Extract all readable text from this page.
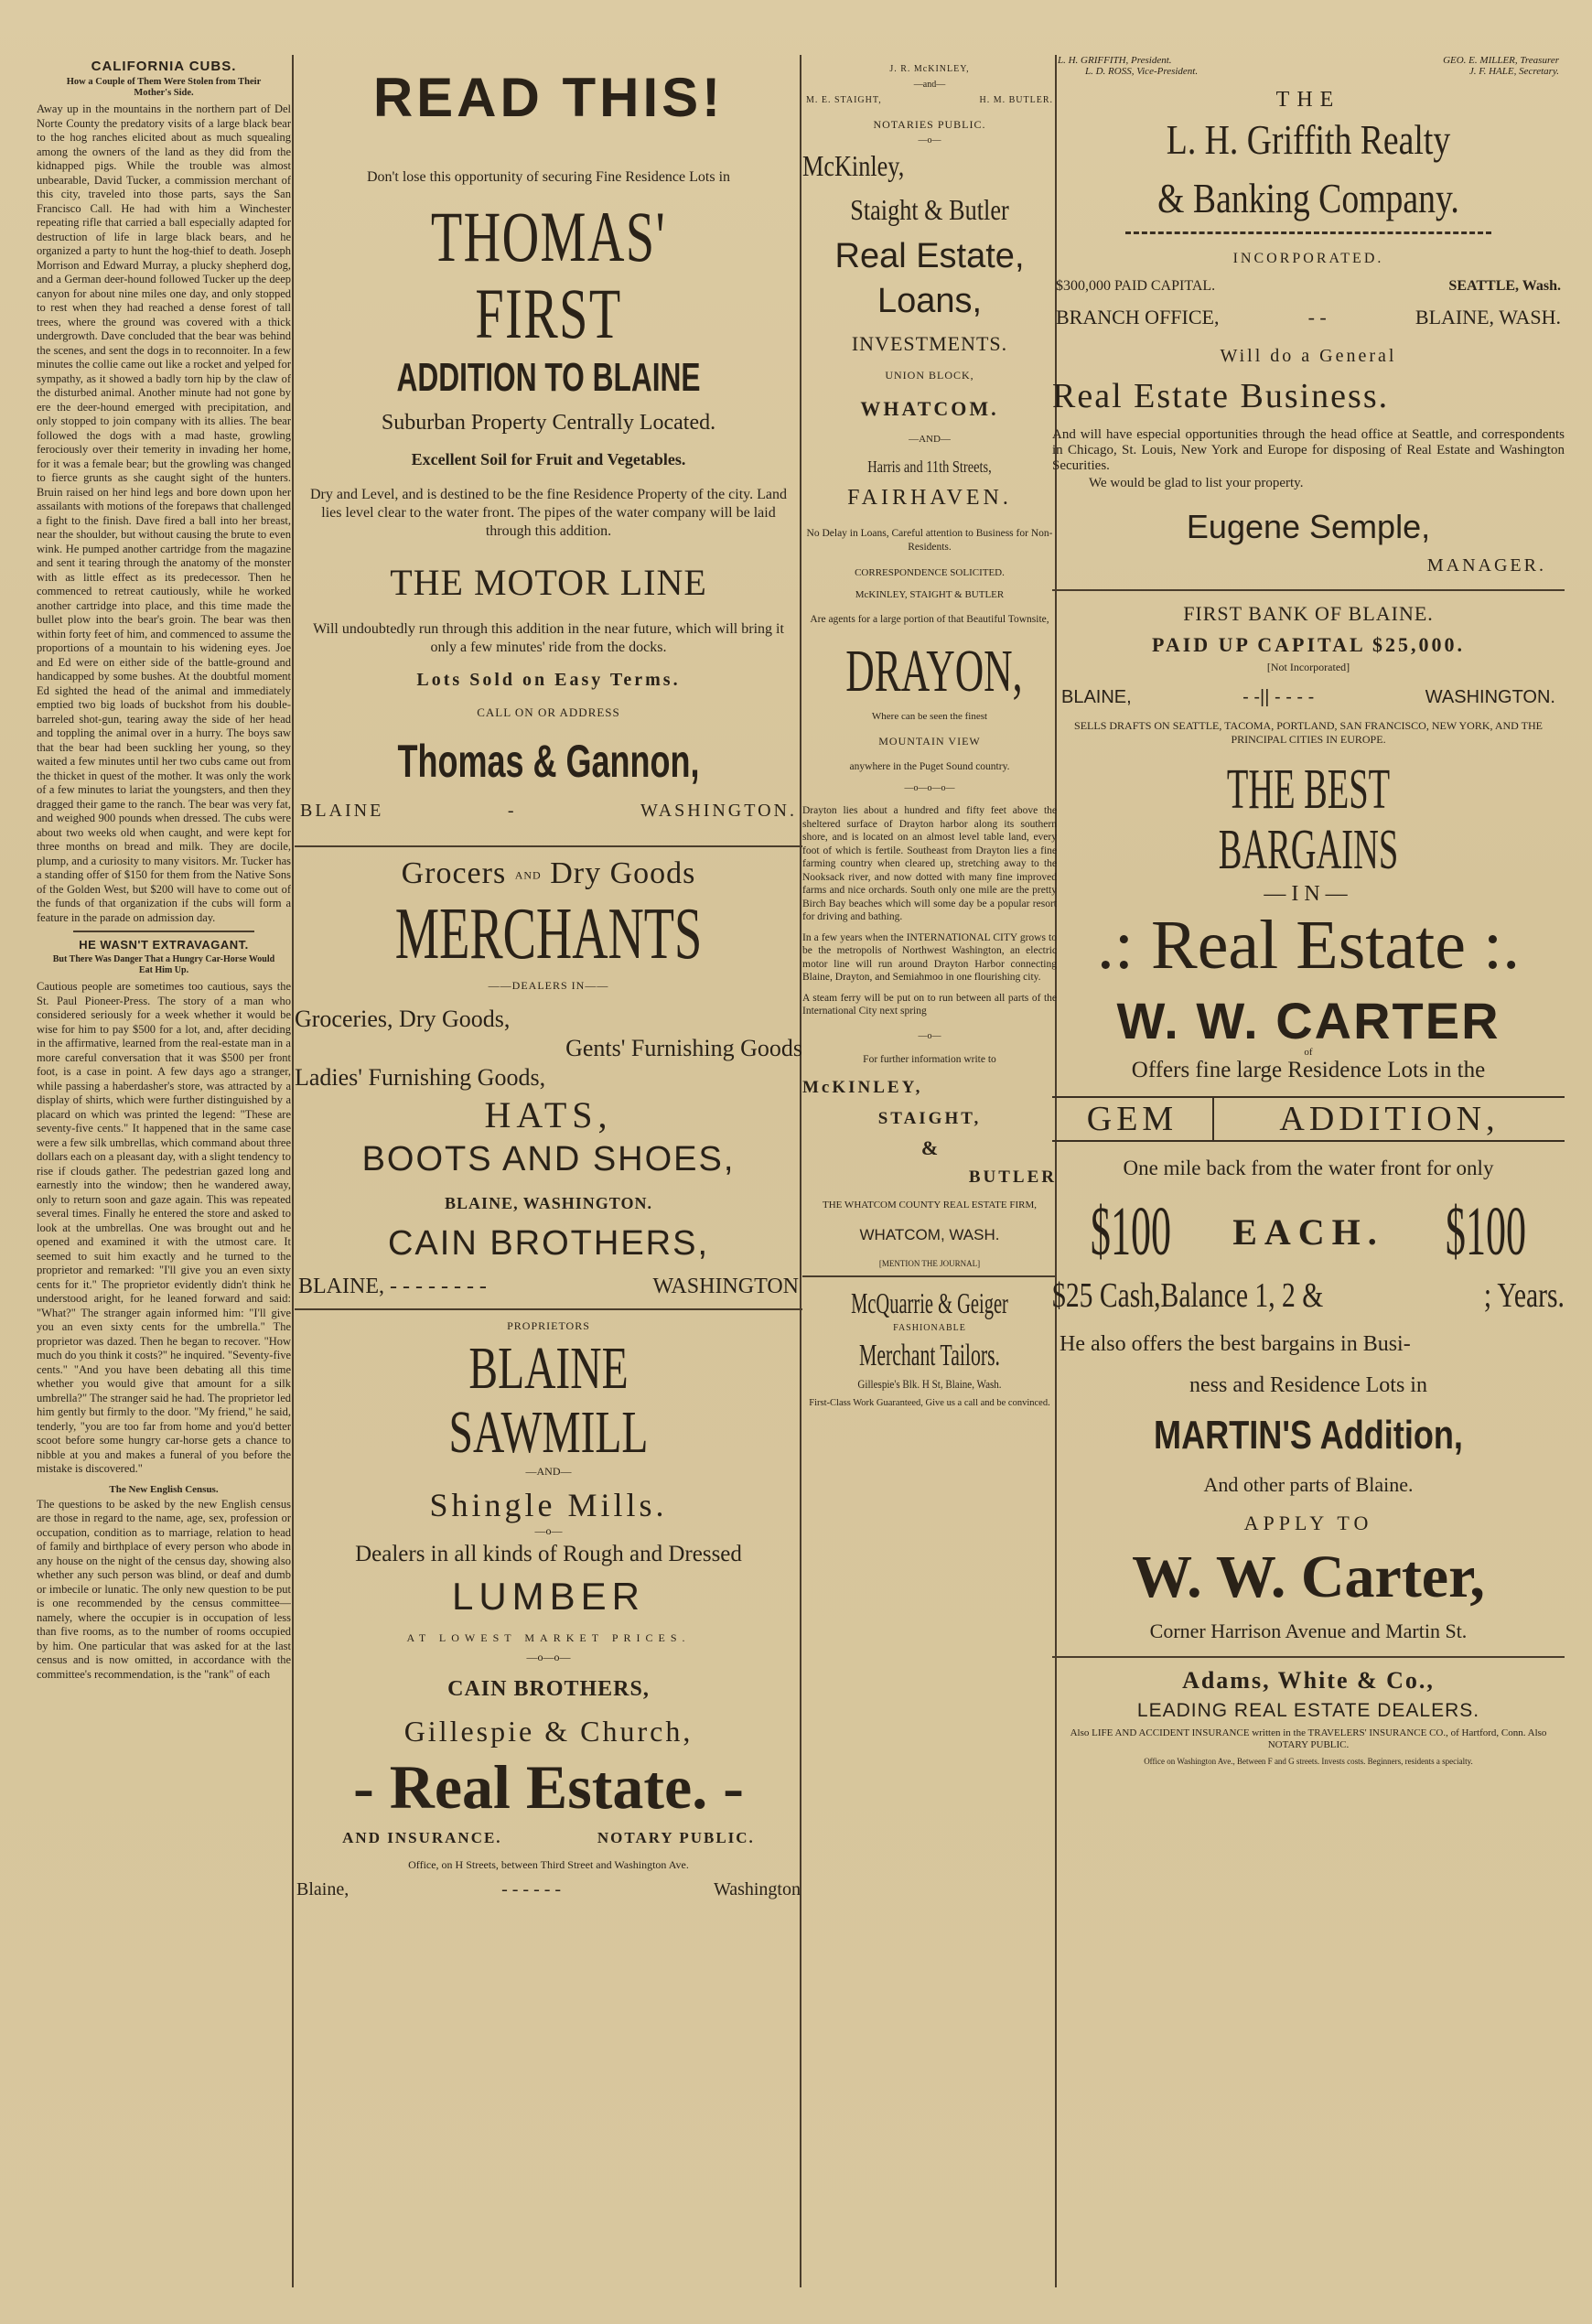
CALIFORNIA CUBS.
How a Couple of Them Were Stolen from Their Mother's Side.

Away up in the mountains in the northern part of Del Norte County the predatory visits of a large black bear to the hog ranches elicited about as much squealing among the owners of the land as they did from the kidnapped pigs. While the trouble was almost unbearable, David Tucker, a commission merchant of this city, traveled into those parts, says the San Francisco Call. He had with him a Winchester repeating rifle that carried a ball especially adapted for destruction of life in large black bears, and he organized a party to hunt the hog-thief to death. Joseph Morrison and Edward Murray, a plucky shepherd dog, and a German deer-hound followed Tucker up the deep canyon for about nine miles one day, and only stopped to rest when they had reached a dense forest of tall trees, where the ground was covered with a thick undergrowth. Dave concluded that the bear was behind the scenes, and sent the dogs in to reconnoiter. In a few minutes the collie came out like a rocket and yelped for sympathy, as it showed a badly torn hip by the claw of the disturbed animal. Another minute had not gone by ere the deer-hound emerged with precipitation, and only stopped to join company with its allies. The bear followed the dogs with a mad haste, growling ferociously over their temerity in invading her home, for it was a female bear; but the growling was changed to fierce grunts as she caught sight of the hunters. Bruin raised on her hind legs and bore down upon her assailants with motions of the forepaws that challenged a fight to the finish. Dave fired a ball into her breast, near the shoulder, but without causing the brute to even wink. He pumped another cartridge from the magazine and sent it tearing through the anatomy of the monster with as little effect as its predecessor. Then he commenced to retreat cautiously, while he worked another cartridge into place, and this time made the bullet plow into the bear's groin. The bear was then within forty feet of him, and commenced to assume the proportions of a mountain to his widening eyes. Joe and Ed were on either side of the battle-ground and handicapped by some bushes. At the doubtful moment Ed sighted the head of the animal and immediately emptied two big loads of buckshot from his double-barreled shot-gun, tearing away the side of her head and toppling the animal over in a hurry. The boys saw that the bear had been suckling her young, so they waited a few minutes until her two cubs came out from the thicket in quest of the mother. It was only the work of a few minutes to lariat the youngsters, and then they dragged their game to the ranch. The bear was very fat, and weighed 900 pounds when dressed. The cubs were about two weeks old when caught, and were kept for three months on bread and milk. They are docile, plump, and a curiosity to many visitors. Mr. Tucker has a standing offer of $150 for them from the Native Sons of the Golden West, but $200 will have to come out of the funds of that organization if the cubs will form a feature in the parade on admission day.

HE WASN'T EXTRAVAGANT.
But There Was Danger That a Hungry Car-Horse Would Eat Him Up.

Cautious people are sometimes too cautious, says the St. Paul Pioneer-Press. The story of a man who considered seriously for a week whether it would be wise for him to pay $500 for a lot, and, after deciding in the affirmative, learned from the real-estate man in a more careful conversation that it was $500 per front foot, is a case in point. A few days ago a stranger, while passing a haberdasher's store, was attracted by a display of shirts, which were further distinguished by a placard on which was printed the legend: "These are seventy-five cents." It happened that in the same case were a few silk umbrellas, which command about three dollars each on a pleasant day, with a slight tendency to rise if clouds gather. The pedestrian gazed long and earnestly into the window; then he wandered away, only to return soon and gaze again. This was repeated several times. Finally he entered the store and asked to look at the umbrellas. One was brought out and he opened and examined it with the utmost care. It seemed to suit him exactly and he turned to the proprietor and remarked: "I'll give you an even sixty cents for it." The proprietor evidently didn't think he understood aright, for he leaned forward and said: "What?" The stranger again informed him: "I'll give you an even sixty cents for the umbrella." The proprietor was dazed. Then he began to recover. "How much do you think it costs?" he inquired. "Seventy-five cents." "And you have been debating all this time whether you would give that amount for a silk umbrella?" The stranger said he had. The proprietor led him gently but firmly to the door. "My friend," he said, tenderly, "you are too far from home and you'd better scoot before some hungry car-horse gets a chance to nibble at you and makes a funeral of you before the mistake is discovered."

The New English Census.

The questions to be asked by the new English census are those in regard to the name, age, sex, profession or occupation, condition as to marriage, relation to head of family and birthplace of every person who abode in any house on the night of the census day, showing also whether any such person was blind, or deaf and dumb or imbecile or lunatic. The only new question to be put is one recommended by the census committee—namely, where the occupier is in occupation of less than five rooms, as to the number of rooms occupied by him. One particular that was asked for at the last census and is now omitted, in accordance with the committee's recommendation, is the "rank" of each

READ THIS!
Don't lose this opportunity of securing Fine Residence Lots in
THOMAS' FIRST
ADDITION TO BLAINE
Suburban Property Centrally Located.
Excellent Soil for Fruit and Vegetables.
Dry and Level, and is destined to be the fine Residence Property of the city. Land lies level clear to the water front. The pipes of the water company will be laid through this addition.
THE MOTOR LINE
Will undoubtedly run through this addition in the near future, which will bring it only a few minutes' ride from the docks.
Lots Sold on Easy Terms.
CALL ON OR ADDRESS
Thomas & Gannon,
BLAINE	-	WASHINGTON.
Grocers AND Dry Goods
MERCHANTS
——DEALERS IN——
Groceries, Dry Goods,
Gents' Furnishing Goods
Ladies' Furnishing Goods,
HATS,
BOOTS AND SHOES,
BLAINE, WASHINGTON.
CAIN BROTHERS,
BLAINE, - - - - - - - -	WASHINGTON
PROPRIETORS
BLAINE SAWMILL
—AND—
Shingle Mills.
—o—
Dealers in all kinds of Rough and Dressed
LUMBER
AT LOWEST MARKET PRICES.
—o—o—
CAIN BROTHERS,
Gillespie & Church,
- Real Estate. -
AND INSURANCE.	NOTARY PUBLIC.
Office, on H Streets, between Third Street and Washington Ave.
Blaine,	- - - - - -	Washington
J. R. McKINLEY,
—and—
M. E. STAIGHT,	H. M. BUTLER.
NOTARIES PUBLIC.
—o—
McKinley,
Staight & Butler
Real Estate,
Loans,
INVESTMENTS.
UNION BLOCK,
WHATCOM.
—AND—
Harris and 11th Streets,
FAIRHAVEN.
No Delay in Loans, Careful attention to Business for Non-Residents.
CORRESPONDENCE SOLICITED.
McKINLEY, STAIGHT & BUTLER
Are agents for a large portion of that Beautiful Townsite,
DRAYON,
Where can be seen the finest
MOUNTAIN VIEW
anywhere in the Puget Sound country.
—o—o—o—

Drayton lies about a hundred and fifty feet above the sheltered surface of Drayton harbor along its southern shore, and is located on an almost level table land, every foot of which is fertile. Southeast from Drayton lies a fine farming country when cleared up, stretching away to the Nooksack river, and now dotted with many fine improved farms and nice orchards. South only one mile are the pretty Birch Bay beaches which will some day be a popular resort for driving and bathing.

In a few years when the INTERNATIONAL CITY grows to be the metropolis of Northwest Washington, an electric motor line will run around Drayton Harbor connecting Blaine, Drayton, and Semiahmoo in one flourishing city.

A steam ferry will be put on to run between all parts of the International City next spring

—o—
For further information write to
McKINLEY,
STAIGHT,
&
BUTLER
THE WHATCOM COUNTY REAL ESTATE FIRM,
WHATCOM, WASH.
[MENTION THE JOURNAL]
McQuarrie & Geiger
FASHIONABLE
Merchant Tailors.
Gillespie's Blk. H St, Blaine, Wash.
First-Class Work Guaranteed, Give us a call and be convinced.
L. H. GRIFFITH, President.
L. D. ROSS, Vice-President.
GEO. E. MILLER, Treasurer
J. F. HALE, Secretary.
THE
L. H. Griffith Realty
& Banking Company.
INCORPORATED.
$300,000 PAID CAPITAL.	SEATTLE, Wash.
BRANCH OFFICE,	- -	BLAINE, WASH.
Will do a General
Real Estate Business.
And will have especial opportunities through the head office at Seattle, and correspondents in Chicago, St. Louis, New York and Europe for disposing of Real Estate and Washington Securities.
We would be glad to list your property.
Eugene Semple,
MANAGER.
FIRST BANK OF BLAINE.
PAID UP CAPITAL $25,000.
[Not Incorporated]
BLAINE,	- -|| - - - -	WASHINGTON.
SELLS DRAFTS ON SEATTLE, TACOMA, PORTLAND, SAN FRANCISCO, NEW YORK, AND THE PRINCIPAL CITIES IN EUROPE.
THE BEST BARGAINS
—IN—
.: Real Estate :.
W. W. CARTER
of
Offers fine large Residence Lots in the
GEM	ADDITION,
One mile back from the water front for only
$100 EACH. $100
$25 Cash,Balance 1, 2 &	; Years.
He also offers the best bargains in Busi-
ness and Residence Lots in
MARTIN'S Addition,
And other parts of Blaine.
APPLY TO
W. W. Carter,
Corner Harrison Avenue and Martin St.
Adams, White & Co.,
LEADING REAL ESTATE DEALERS.
Also LIFE AND ACCIDENT INSURANCE written in the TRAVELERS' INSURANCE CO., of Hartford, Conn. Also NOTARY PUBLIC.
Office on Washington Ave., Between F and G streets. Invests costs. Beginners, residents a specialty.
